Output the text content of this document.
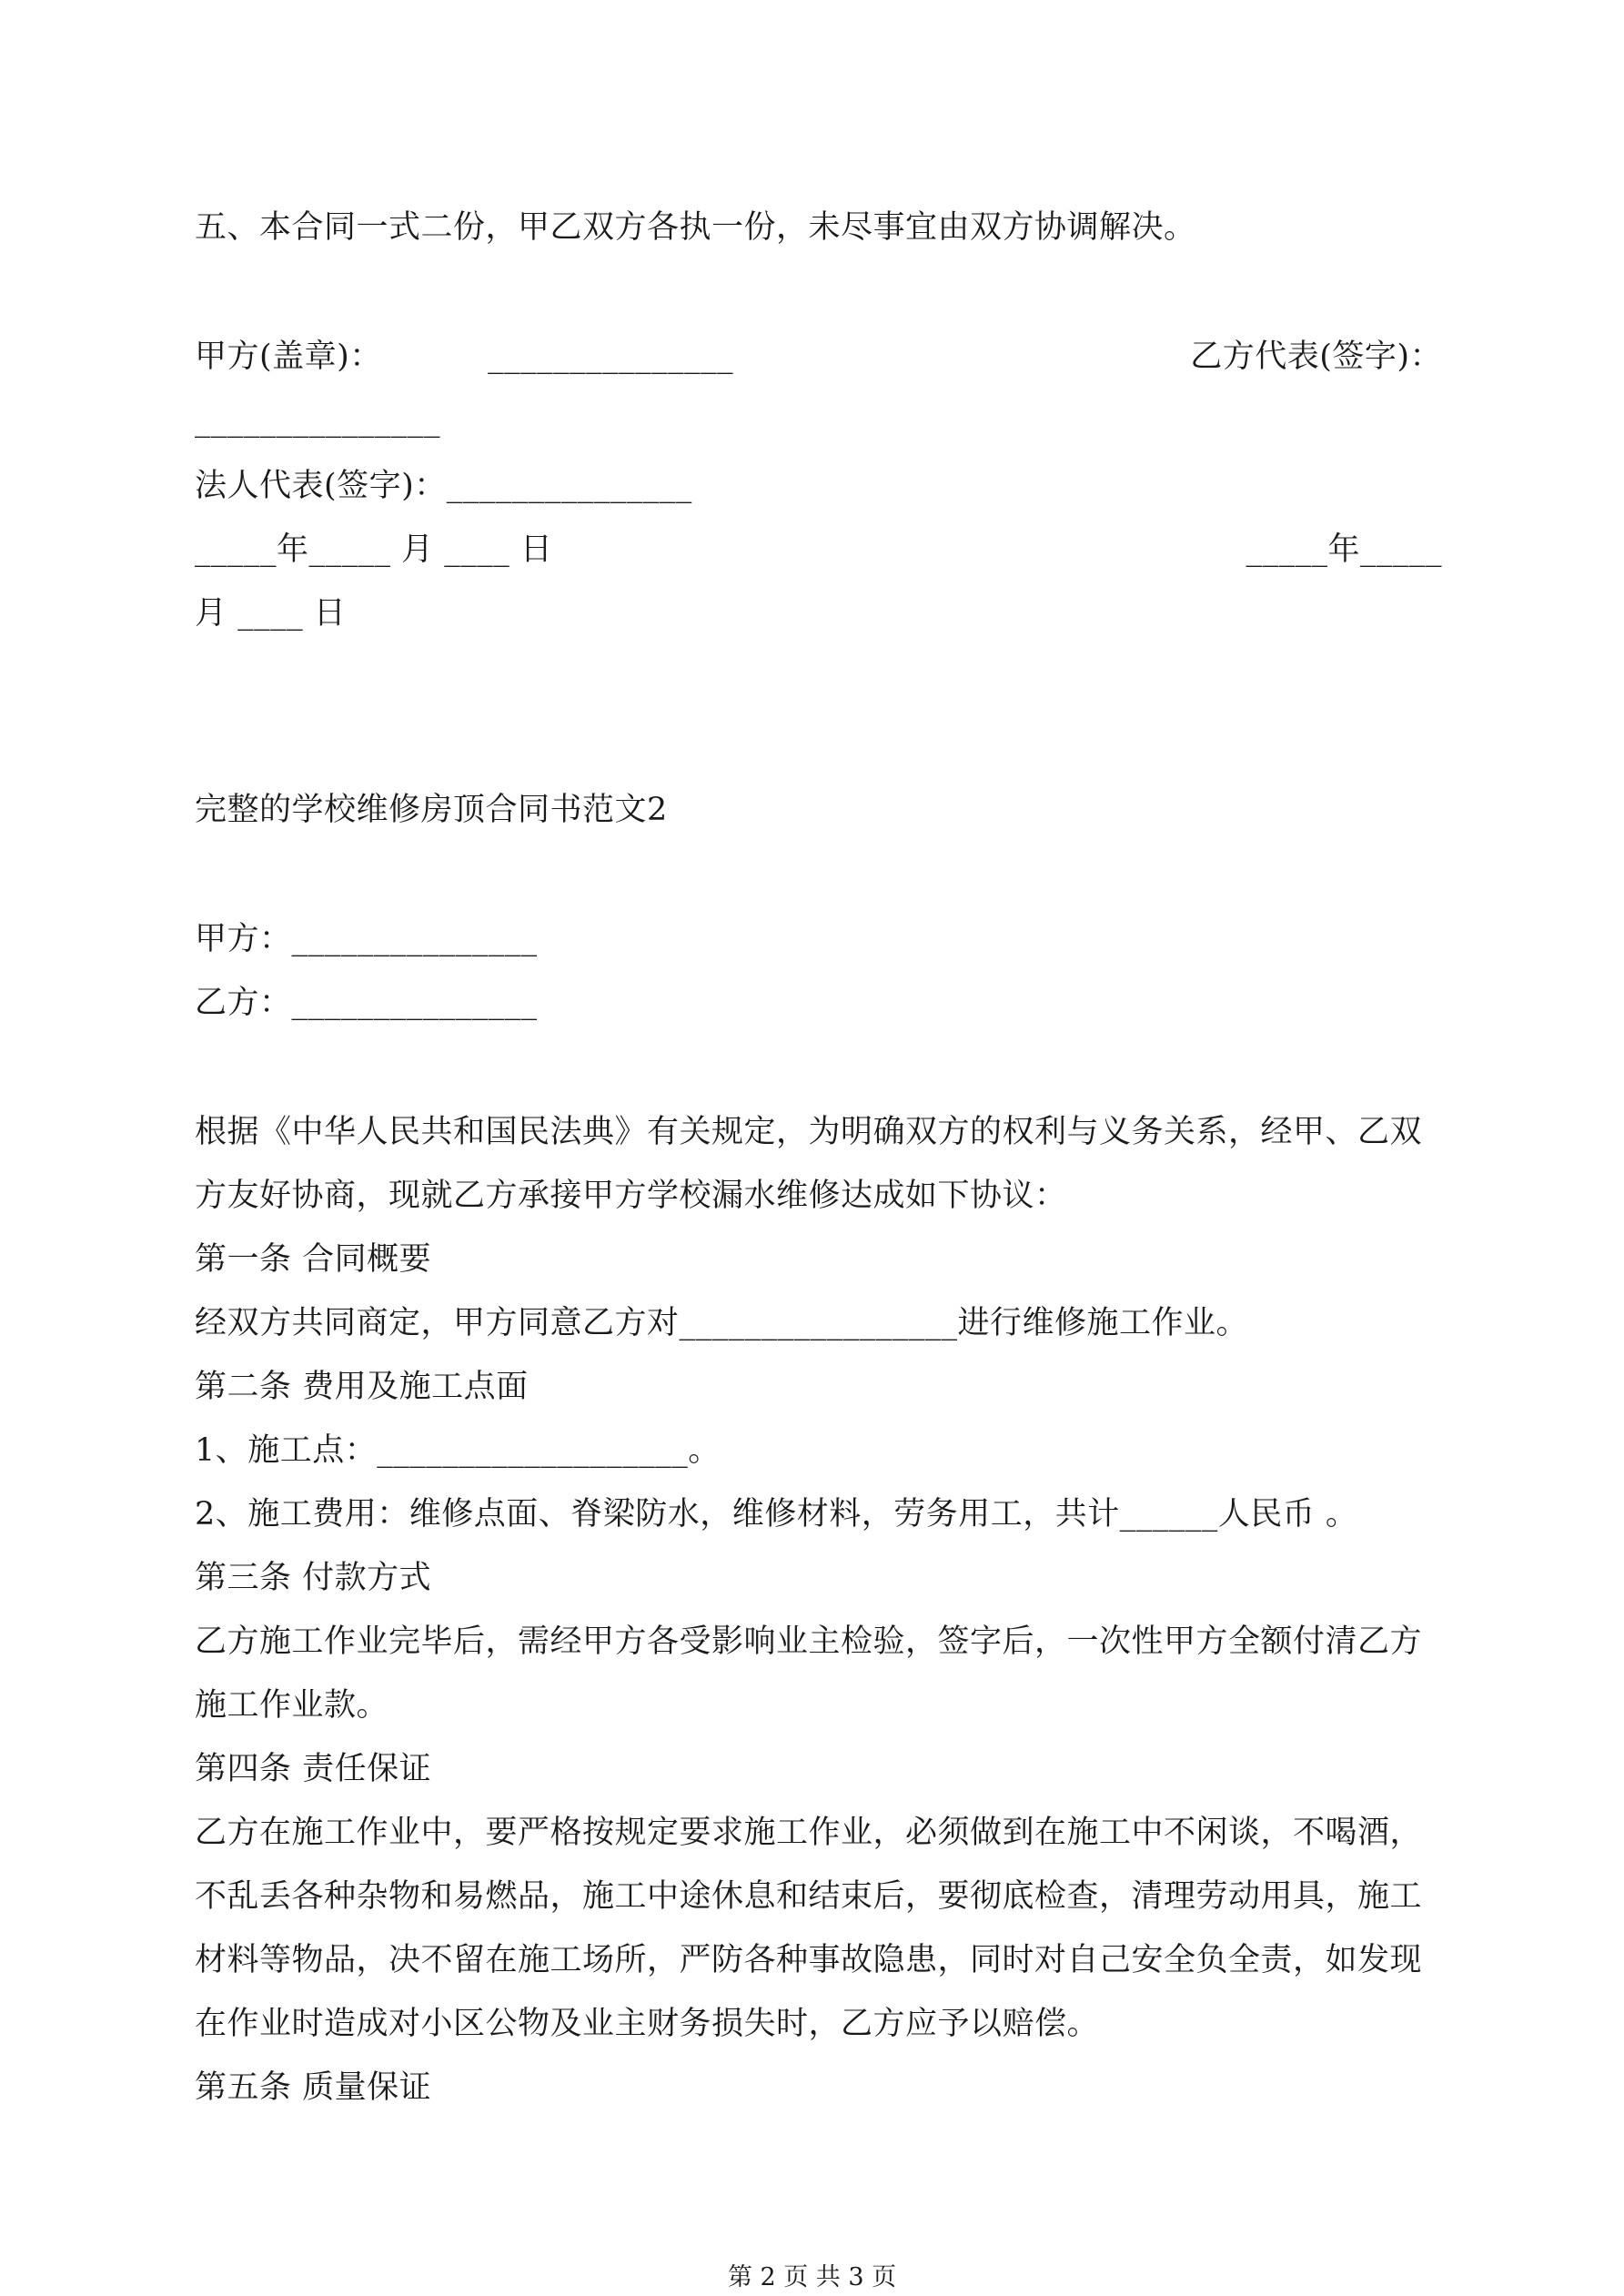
五、本合同一式二份，甲乙双方各执一份，未尽事宜由双方协调解决。
甲方(盖章)：          _______________	乙方代表(签字)：
_______________
法人代表(签字)：_______________
_____年_____ 月 ____ 日	_____年_____
月 ____ 日
完整的学校维修房顶合同书范文2
甲方：_______________
乙方：_______________
根据《中华人民共和国民法典》有关规定，为明确双方的权利与义务关系，经甲、乙双
方友好协商，现就乙方承接甲方学校漏水维修达成如下协议：
第一条 合同概要
经双方共同商定，甲方同意乙方对_________________进行维修施工作业。
第二条 费用及施工点面
1、施工点：___________________。
2、施工费用：维修点面、脊梁防水，维修材料，劳务用工，共计______人民币 。
第三条 付款方式
乙方施工作业完毕后，需经甲方各受影响业主检验，签字后，一次性甲方全额付清乙方
施工作业款。
第四条 责任保证
乙方在施工作业中，要严格按规定要求施工作业，必须做到在施工中不闲谈，不喝酒，
不乱丢各种杂物和易燃品，施工中途休息和结束后，要彻底检查，清理劳动用具，施工
材料等物品，决不留在施工场所，严防各种事故隐患，同时对自己安全负全责，如发现
在作业时造成对小区公物及业主财务损失时，乙方应予以赔偿。
第五条 质量保证
第 2 页 共 3 页
